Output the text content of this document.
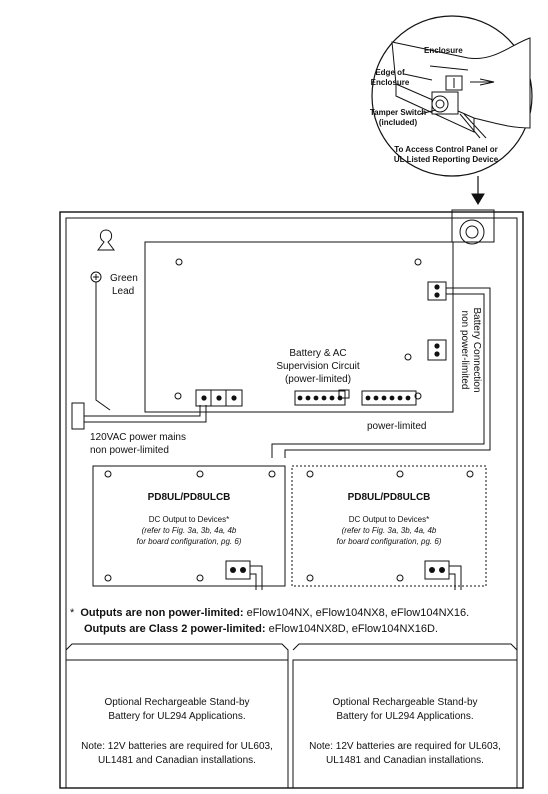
Enclosure
Edge of
Enclosure
Tamper Switch
(included)
To Access Control Panel or
UL Listed Reporting Device
Green
Lead
Battery & AC
Supervision Circuit
(power-limited)
power-limited
120VAC power mains
non power-limited
Battery Connection
non power-limited
PD8UL/PD8ULCB
DC Output to Devices*
(refer to Fig. 3a, 3b, 4a, 4b
for board configuration, pg. 6)
PD8UL/PD8ULCB
DC Output to Devices*
(refer to Fig. 3a, 3b, 4a, 4b
for board configuration, pg. 6)
* Outputs are non power-limited: eFlow104NX, eFlow104NX8, eFlow104NX16.
Outputs are Class 2 power-limited: eFlow104NX8D, eFlow104NX16D.
Optional Rechargeable Stand-by
Battery for UL294 Applications.
Note: 12V batteries are required for UL603,
UL1481 and Canadian installations.
Optional Rechargeable Stand-by
Battery for UL294 Applications.
Note: 12V batteries are required for UL603,
UL1481 and Canadian installations.
